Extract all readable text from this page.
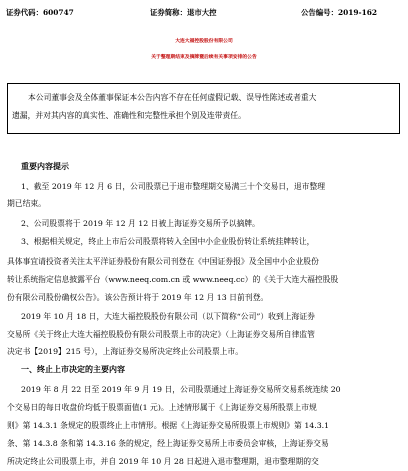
证券代码：600747	证券简称：退市大控	公告编号：2019-162
大连大福控股股份有限公司
关于整理期结束及摘牌暨后续有关事项安排的公告
本公司董事会及全体董事保证本公告内容不存在任何虚假记载、误导性陈述或者重大
遗漏，并对其内容的真实性、准确性和完整性承担个别及连带责任。
重要内容提示
1、截至 2019 年 12 月 6 日，公司股票已于退市整理期交易满三十个交易日，退市整理
期已结束。
2、公司股票将于 2019 年 12 月 12 日被上海证券交易所予以摘牌。
3、根据相关规定，终止上市后公司股票将转入全国中小企业股份转让系统挂牌转让，
具体事宜请投资者关注太平洋证券股份有限公司刊登在《中国证券报》及全国中小企业股份
转让系统指定信息披露平台（www.neeq.com.cn 或 www.neeq.cc）的《关于大连大福控股股
份有限公司股份确权公告》。该公告预计将于 2019 年 12 月 13 日前刊登。
2019 年 10 月 18 日，大连大福控股股份有限公司（以下简称“公司”）收到上海证券
交易所《关于终止大连大福控股股份有限公司股票上市的决定》（上海证券交易所自律监管
决定书【2019】215 号），上海证券交易所决定终止公司股票上市。
一、终止上市决定的主要内容
2019 年 8 月 22 日至 2019 年 9 月 19 日，公司股票通过上海证券交易所交易系统连续 20
个交易日的每日收盘价均低于股票面值(1 元)。上述情形属于《上海证券交易所股票上市规
则》第 14.3.1 条规定的股票终止上市情形。根据《上海证券交易所股票上市规则》第 14.3.1
条、第 14.3.8 条和第 14.3.16 条的规定，经上海证券交易所上市委员会审核，上海证券交易
所决定终止公司股票上市，并自 2019 年 10 月 28 日起进入退市整理期，退市整理期的交
